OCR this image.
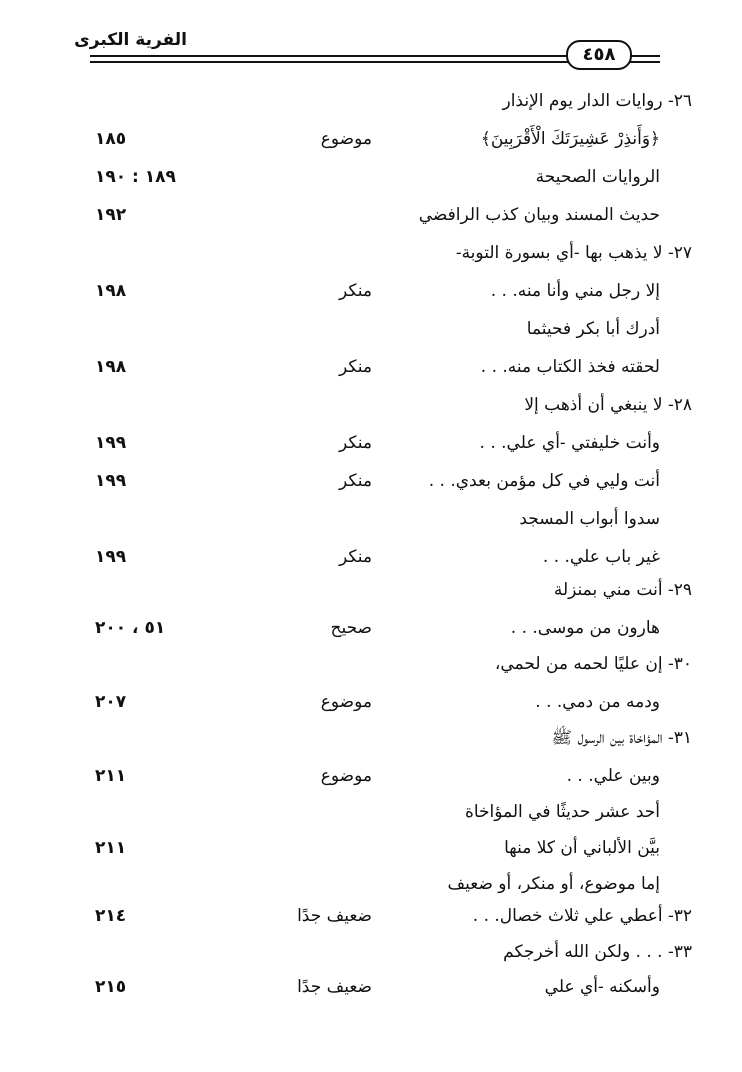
الفرية الكبرى
٤٥٨
٢٦- روايات الدار يوم الإنذار
﴿وَأَنذِرْ عَشِيرَتَكَ الْأَقْرَبِينَ﴾
موضوع
١٨٥
الروايات الصحيحة
١٨٩ : ١٩٠
حديث المسند وبيان كذب الرافضي
١٩٢
٢٧- لا يذهب بها -أي بسورة التوبة-
إلا رجل مني وأنا منه. . .
منكر
١٩٨
أدرك أبا بكر فحيثما
لحقته فخذ الكتاب منه. . .
منكر
١٩٨
٢٨- لا ينبغي أن أذهب إلا
وأنت خليفتي -أي علي. . .
منكر
١٩٩
أنت وليي في كل مؤمن بعدي. . .
منكر
١٩٩
سدوا أبواب المسجد
غير باب علي. . .
منكر
١٩٩
٢٩- أنت مني بمنزلة
هارون من موسى. . .
صحيح
٥١ ، ٢٠٠
٣٠- إن عليًا لحمه من لحمي،
ودمه من دمي. . .
موضوع
٢٠٧
٣١- المؤاخاة بين الرسول ﷺ
وبين علي. . .
موضوع
٢١١
أحد عشر حديثًا في المؤاخاة
بيَّن الألباني أن كلا منها
٢١١
إما موضوع، أو منكر، أو ضعيف
٣٢- أعطي علي ثلاث خصال. . .
ضعيف جدًا
٢١٤
٣٣- . . . ولكن الله أخرجكم
وأسكنه -أي علي
ضعيف جدًا
٢١٥
